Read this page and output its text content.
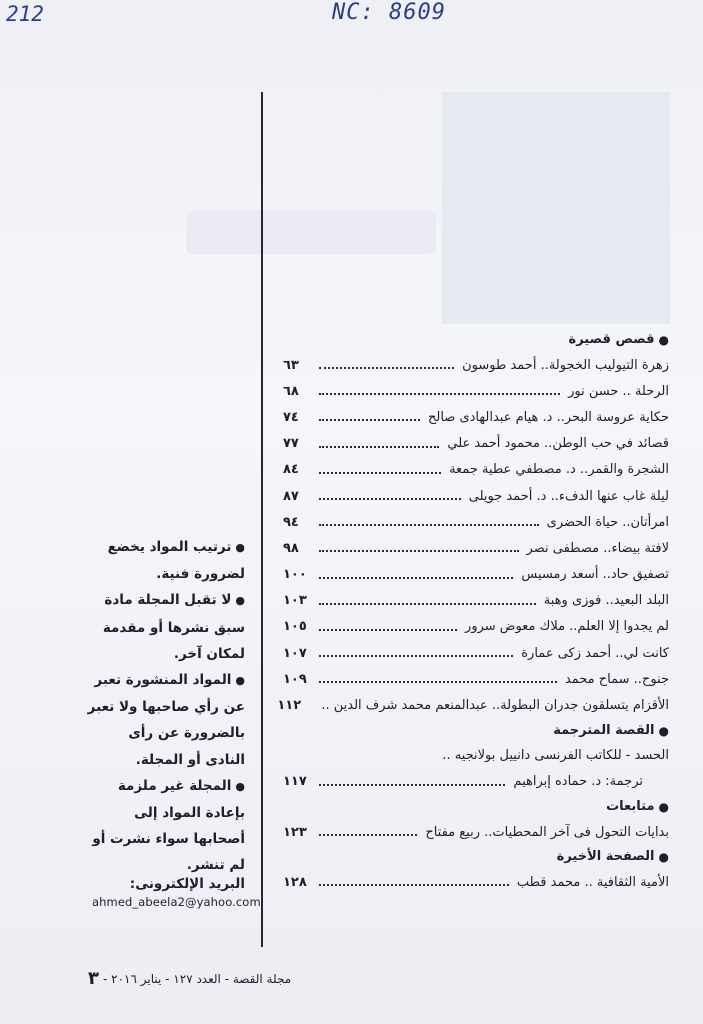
212	NC: 8609
●
قصص قصيرة
زهرة التيوليب الخجولة.. أحمد طوسون
٦٣
الرحلة .. حسن نور
٦٨
حكاية عروسة البحر.. د. هيام عبدالهادى صالح
٧٤
قصائد في حب الوطن.. محمود أحمد علي
٧٧
الشجرة والقمر.. د. مصطفي عطية جمعة
٨٤
ليلة غاب عنها الدفء.. د. أحمد جويلى
٨٧
امرأتان.. حياة الحضرى
٩٤
لافتة بيضاء.. مصطفى نصر
٩٨
تصفيق حاد.. أسعد رمسيس
١٠٠
البلد البعيد.. فوزى وهبة
١٠٣
لم يجدوا إلا العلم.. ملاك معوض سرور
١٠٥
كانت لي.. أحمد زكى عمارة
١٠٧
جنوح.. سماح محمد
١٠٩
الأقزام يتسلقون جدران البطولة.. عبدالمنعم محمد شرف الدين ..
١١٢
●
القصة المترجمة
الحسد - للكاتب الفرنسى دانييل بولانجيه ..
ترجمة: د. حماده إبراهيم
١١٧
●
متابعات
بدايات التحول فى آخر المحطيات.. ربيع مفتاح
١٢٣
●
الصفحة الأخيرة
الأمية الثقافية .. محمد قطب
١٢٨

●ترتيب المواد يخضع لضرورة فنية.

●لا تقبل المجلة مادة سبق نشرها أو مقدمة لمكان آخر.

●المواد المنشورة تعبر عن رأي صاحبها ولا تعبر بالضرورة عن رأى النادى أو المجلة.

●المجلة غير ملزمة بإعادة المواد إلى أصحابها سواء نشرت أو لم تنشر.

البريد الإلكترونى:
ahmed_abeela2@yahoo.com
مجلة القصة - العدد ١٢٧ - يناير ٢٠١٦ -
٣
